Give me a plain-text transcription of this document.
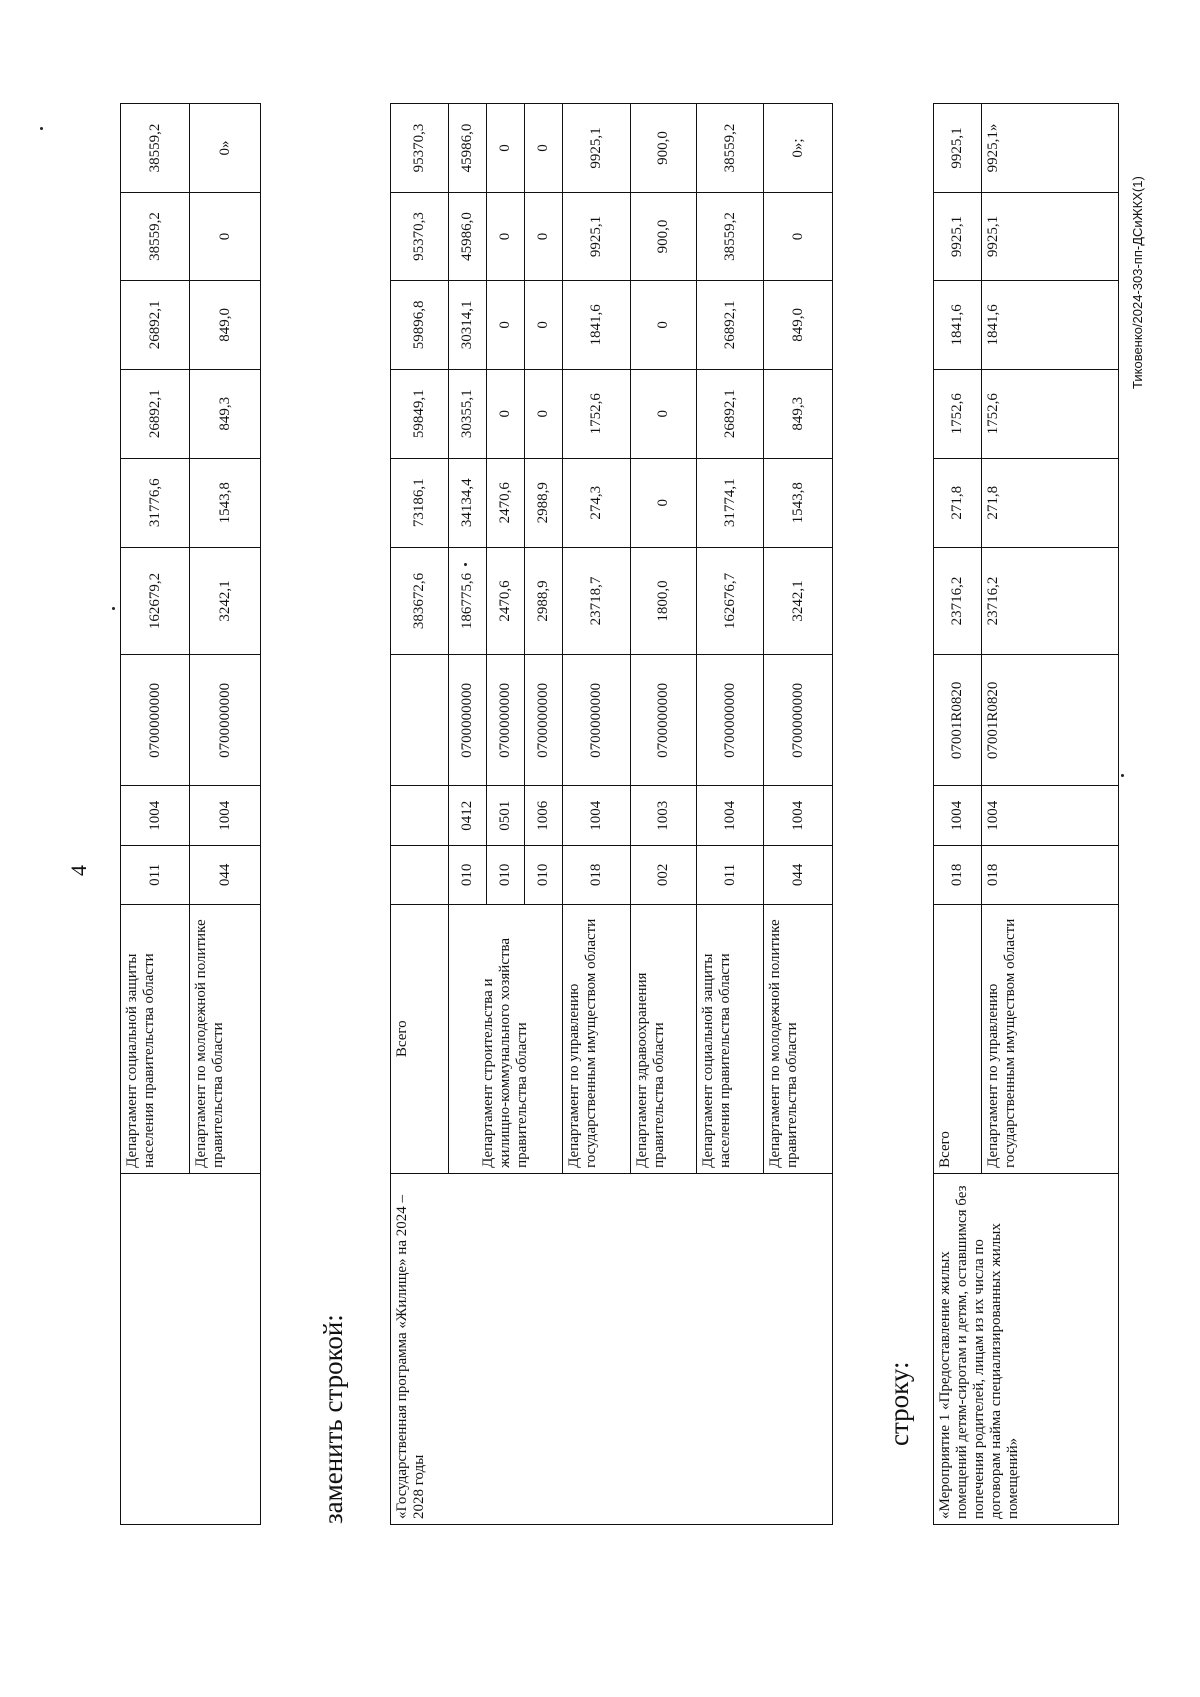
4
	Департамент социальной защиты населения правительства области	011	1004	0700000000	162679,2	31776,6	26892,1	26892,1	38559,2	38559,2
	Департамент по молодежной политике правительства области	044	1004	0700000000	3242,1	1543,8	849,3	849,0	0	0»
заменить строкой:	«Государственная программа «Жилище» на 2024 – 2028 годы	Всего				383672,6	73186,1	59849,1	59896,8	95370,3	95370,3
	Департамент строительства и жилищно-коммунального хозяйства правительства области	010	0412	0700000000	186775,6	34134,4	30355,1	30314,1	45986,0	45986,0
		010	0501	0700000000	2470,6	2470,6	0	0	0	0
		010	1006	0700000000	2988,9	2988,9	0	0	0	0
	Департамент по управлению государственным имуществом области	018	1004	0700000000	23718,7	274,3	1752,6	1841,6	9925,1	9925,1
	Департамент здравоохранения правительства области	002	1003	0700000000	1800,0	0	0	0	900,0	900,0
	Департамент социальной защиты населения правительства области	011	1004	0700000000	162676,7	31774,1	26892,1	26892,1	38559,2	38559,2
	Департамент по молодежной политике правительства области	044	1004	0700000000	3242,1	1543,8	849,3	849,0	0	0»;
строку: «Мероприятие 1 «Предоставление жилых помещений детям-сиротам и детям, оставшимся без попечения родителей, лицам из их числа по договорам найма специализированных жилых помещений»	Всего	018	1004	07001R0820	23716,2	271,8	1752,6	1841,6	9925,1	9925,1
	Департамент по управлению государственным имуществом области	018	1004	07001R0820	23716,2	271,8	1752,6	1841,6	9925,1	9925,1»
Тиковенко/2024-303-пп-ДСиЖКХ(1)
